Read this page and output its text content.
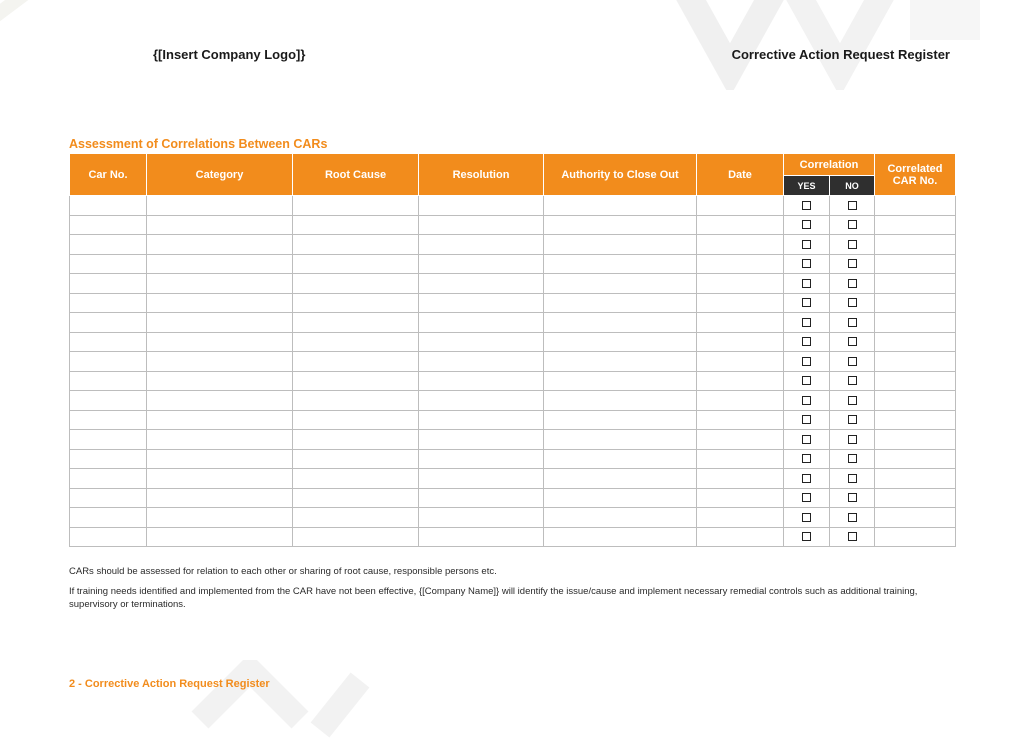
{[Insert Company Logo]}	Corrective Action Request Register
Assessment of Correlations Between CARs
Car No.	Category	Root Cause	Resolution	Authority to Close Out	Date	Correlation		Correlated CAR No.
						YES	NO	

CARs should be assessed for relation to each other or sharing of root cause, responsible persons etc.
If training needs identified and implemented from the CAR have not been effective, {[Company Name]} will identify the issue/cause and implement necessary remedial controls such as additional training, supervisory or terminations.
2 - Corrective Action Request Register
